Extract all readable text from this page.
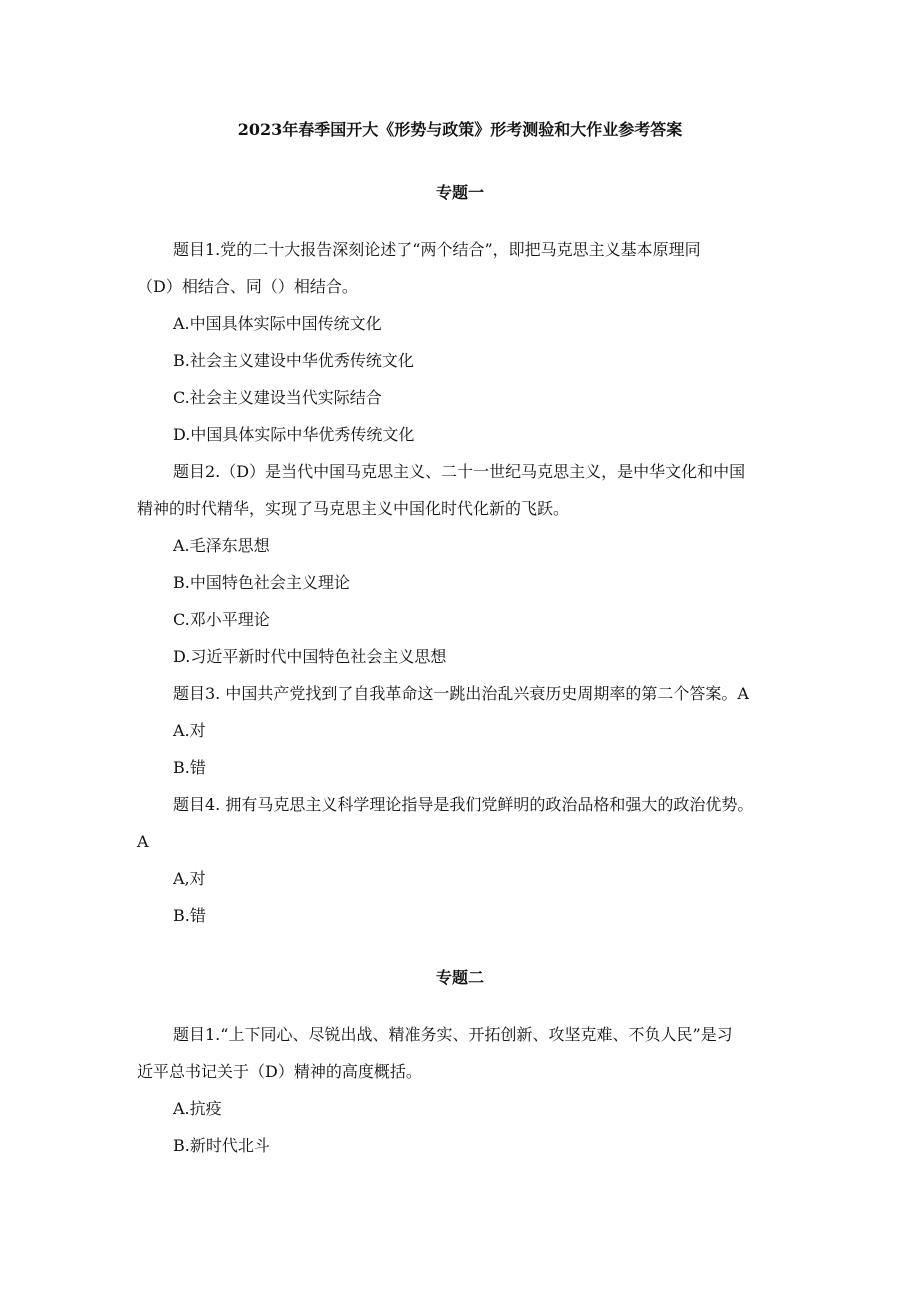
2023年春季国开大《形势与政策》形考测验和大作业参考答案
专题一
题目1.党的二十大报告深刻论述了“两个结合”，即把马克思主义基本原理同
（D）相结合、同（）相结合。
A.中国具体实际中国传统文化
B.社会主义建设中华优秀传统文化
C.社会主义建设当代实际结合
D.中国具体实际中华优秀传统文化
题目2.（D）是当代中国马克思主义、二十一世纪马克思主义，是中华文化和中国
精神的时代精华，实现了马克思主义中国化时代化新的飞跃。
A.毛泽东思想
B.中国特色社会主义理论
C.邓小平理论
D.习近平新时代中国特色社会主义思想
题目3. 中国共产党找到了自我革命这一跳出治乱兴衰历史周期率的第二个答案。A
A.对
B.错
题目4. 拥有马克思主义科学理论指导是我们党鲜明的政治品格和强大的政治优势。
A
A,对
B.错
专题二
题目1.“上下同心、尽锐出战、精准务实、开拓创新、攻坚克难、不负人民”是习
近平总书记关于（D）精神的高度概括。
A.抗疫
B.新时代北斗
